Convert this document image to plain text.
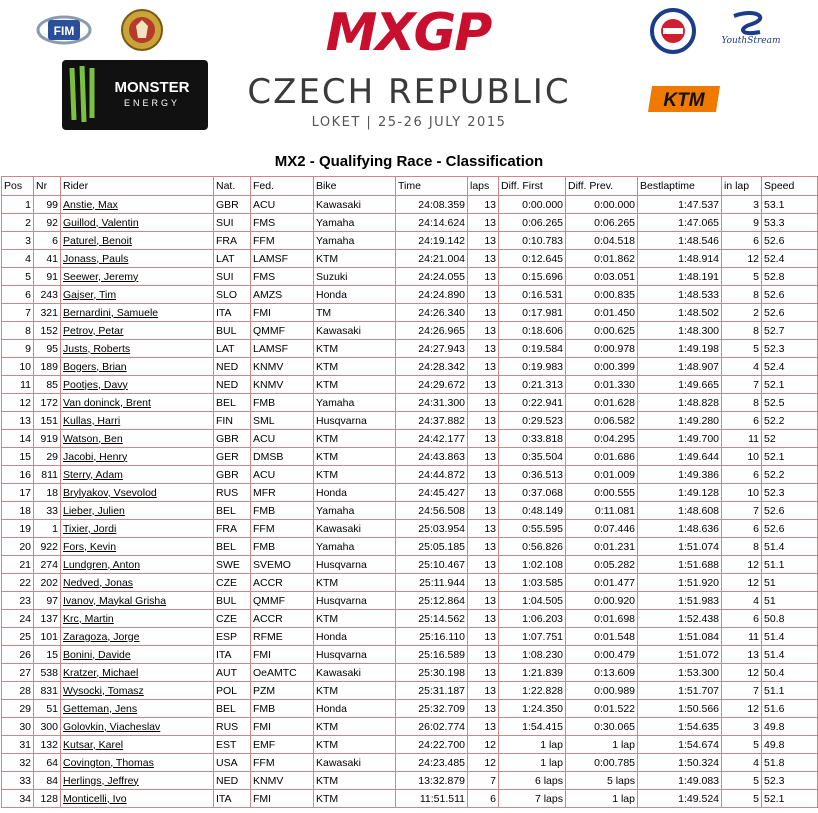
FIM	MXGP	YouthStream
MONSTER
ENERGY	CZECH REPUBLIC
LOKET | 25-26 JULY 2015
KTM
MX2 - Qualifying Race - Classification
Pos	Nr	Rider	Nat.	Fed.	Bike	Time	laps	Diff. First	Diff. Prev.	Bestlaptime	in lap	Speed
1	99	Anstie, Max	GBR	ACU	Kawasaki	24:08.359	13	0:00.000	0:00.000	1:47.537	3	53.1
2	92	Guillod, Valentin	SUI	FMS	Yamaha	24:14.624	13	0:06.265	0:06.265	1:47.065	9	53.3
3	6	Paturel, Benoit	FRA	FFM	Yamaha	24:19.142	13	0:10.783	0:04.518	1:48.546	6	52.6
4	41	Jonass, Pauls	LAT	LAMSF	KTM	24:21.004	13	0:12.645	0:01.862	1:48.914	12	52.4
5	91	Seewer, Jeremy	SUI	FMS	Suzuki	24:24.055	13	0:15.696	0:03.051	1:48.191	5	52.8
6	243	Gajser, Tim	SLO	AMZS	Honda	24:24.890	13	0:16.531	0:00.835	1:48.533	8	52.6
7	321	Bernardini, Samuele	ITA	FMI	TM	24:26.340	13	0:17.981	0:01.450	1:48.502	2	52.6
8	152	Petrov, Petar	BUL	QMMF	Kawasaki	24:26.965	13	0:18.606	0:00.625	1:48.300	8	52.7
9	95	Justs, Roberts	LAT	LAMSF	KTM	24:27.943	13	0:19.584	0:00.978	1:49.198	5	52.3
10	189	Bogers, Brian	NED	KNMV	KTM	24:28.342	13	0:19.983	0:00.399	1:48.907	4	52.4
11	85	Pootjes, Davy	NED	KNMV	KTM	24:29.672	13	0:21.313	0:01.330	1:49.665	7	52.1
12	172	Van doninck, Brent	BEL	FMB	Yamaha	24:31.300	13	0:22.941	0:01.628	1:48.828	8	52.5
13	151	Kullas, Harri	FIN	SML	Husqvarna	24:37.882	13	0:29.523	0:06.582	1:49.280	6	52.2
14	919	Watson, Ben	GBR	ACU	KTM	24:42.177	13	0:33.818	0:04.295	1:49.700	11	52
15	29	Jacobi, Henry	GER	DMSB	KTM	24:43.863	13	0:35.504	0:01.686	1:49.644	10	52.1
16	811	Sterry, Adam	GBR	ACU	KTM	24:44.872	13	0:36.513	0:01.009	1:49.386	6	52.2
17	18	Brylyakov, Vsevolod	RUS	MFR	Honda	24:45.427	13	0:37.068	0:00.555	1:49.128	10	52.3
18	33	Lieber, Julien	BEL	FMB	Yamaha	24:56.508	13	0:48.149	0:11.081	1:48.608	7	52.6
19	1	Tixier, Jordi	FRA	FFM	Kawasaki	25:03.954	13	0:55.595	0:07.446	1:48.636	6	52.6
20	922	Fors, Kevin	BEL	FMB	Yamaha	25:05.185	13	0:56.826	0:01.231	1:51.074	8	51.4
21	274	Lundgren, Anton	SWE	SVEMO	Husqvarna	25:10.467	13	1:02.108	0:05.282	1:51.688	12	51.1
22	202	Nedved, Jonas	CZE	ACCR	KTM	25:11.944	13	1:03.585	0:01.477	1:51.920	12	51
23	97	Ivanov, Maykal Grisha	BUL	QMMF	Husqvarna	25:12.864	13	1:04.505	0:00.920	1:51.983	4	51
24	137	Krc, Martin	CZE	ACCR	KTM	25:14.562	13	1:06.203	0:01.698	1:52.438	6	50.8
25	101	Zaragoza, Jorge	ESP	RFME	Honda	25:16.110	13	1:07.751	0:01.548	1:51.084	11	51.4
26	15	Bonini, Davide	ITA	FMI	Husqvarna	25:16.589	13	1:08.230	0:00.479	1:51.072	13	51.4
27	538	Kratzer, Michael	AUT	OeAMTC	Kawasaki	25:30.198	13	1:21.839	0:13.609	1:53.300	12	50.4
28	831	Wysocki, Tomasz	POL	PZM	KTM	25:31.187	13	1:22.828	0:00.989	1:51.707	7	51.1
29	51	Getteman, Jens	BEL	FMB	Honda	25:32.709	13	1:24.350	0:01.522	1:50.566	12	51.6
30	300	Golovkin, Viacheslav	RUS	FMI	KTM	26:02.774	13	1:54.415	0:30.065	1:54.635	3	49.8
31	132	Kutsar, Karel	EST	EMF	KTM	24:22.700	12	1 lap	1 lap	1:54.674	5	49.8
32	64	Covington, Thomas	USA	FFM	Kawasaki	24:23.485	12	1 lap	0:00.785	1:50.324	4	51.8
33	84	Herlings, Jeffrey	NED	KNMV	KTM	13:32.879	7	6 laps	5 laps	1:49.083	5	52.3
34	128	Monticelli, Ivo	ITA	FMI	KTM	11:51.511	6	7 laps	1 lap	1:49.524	5	52.1
